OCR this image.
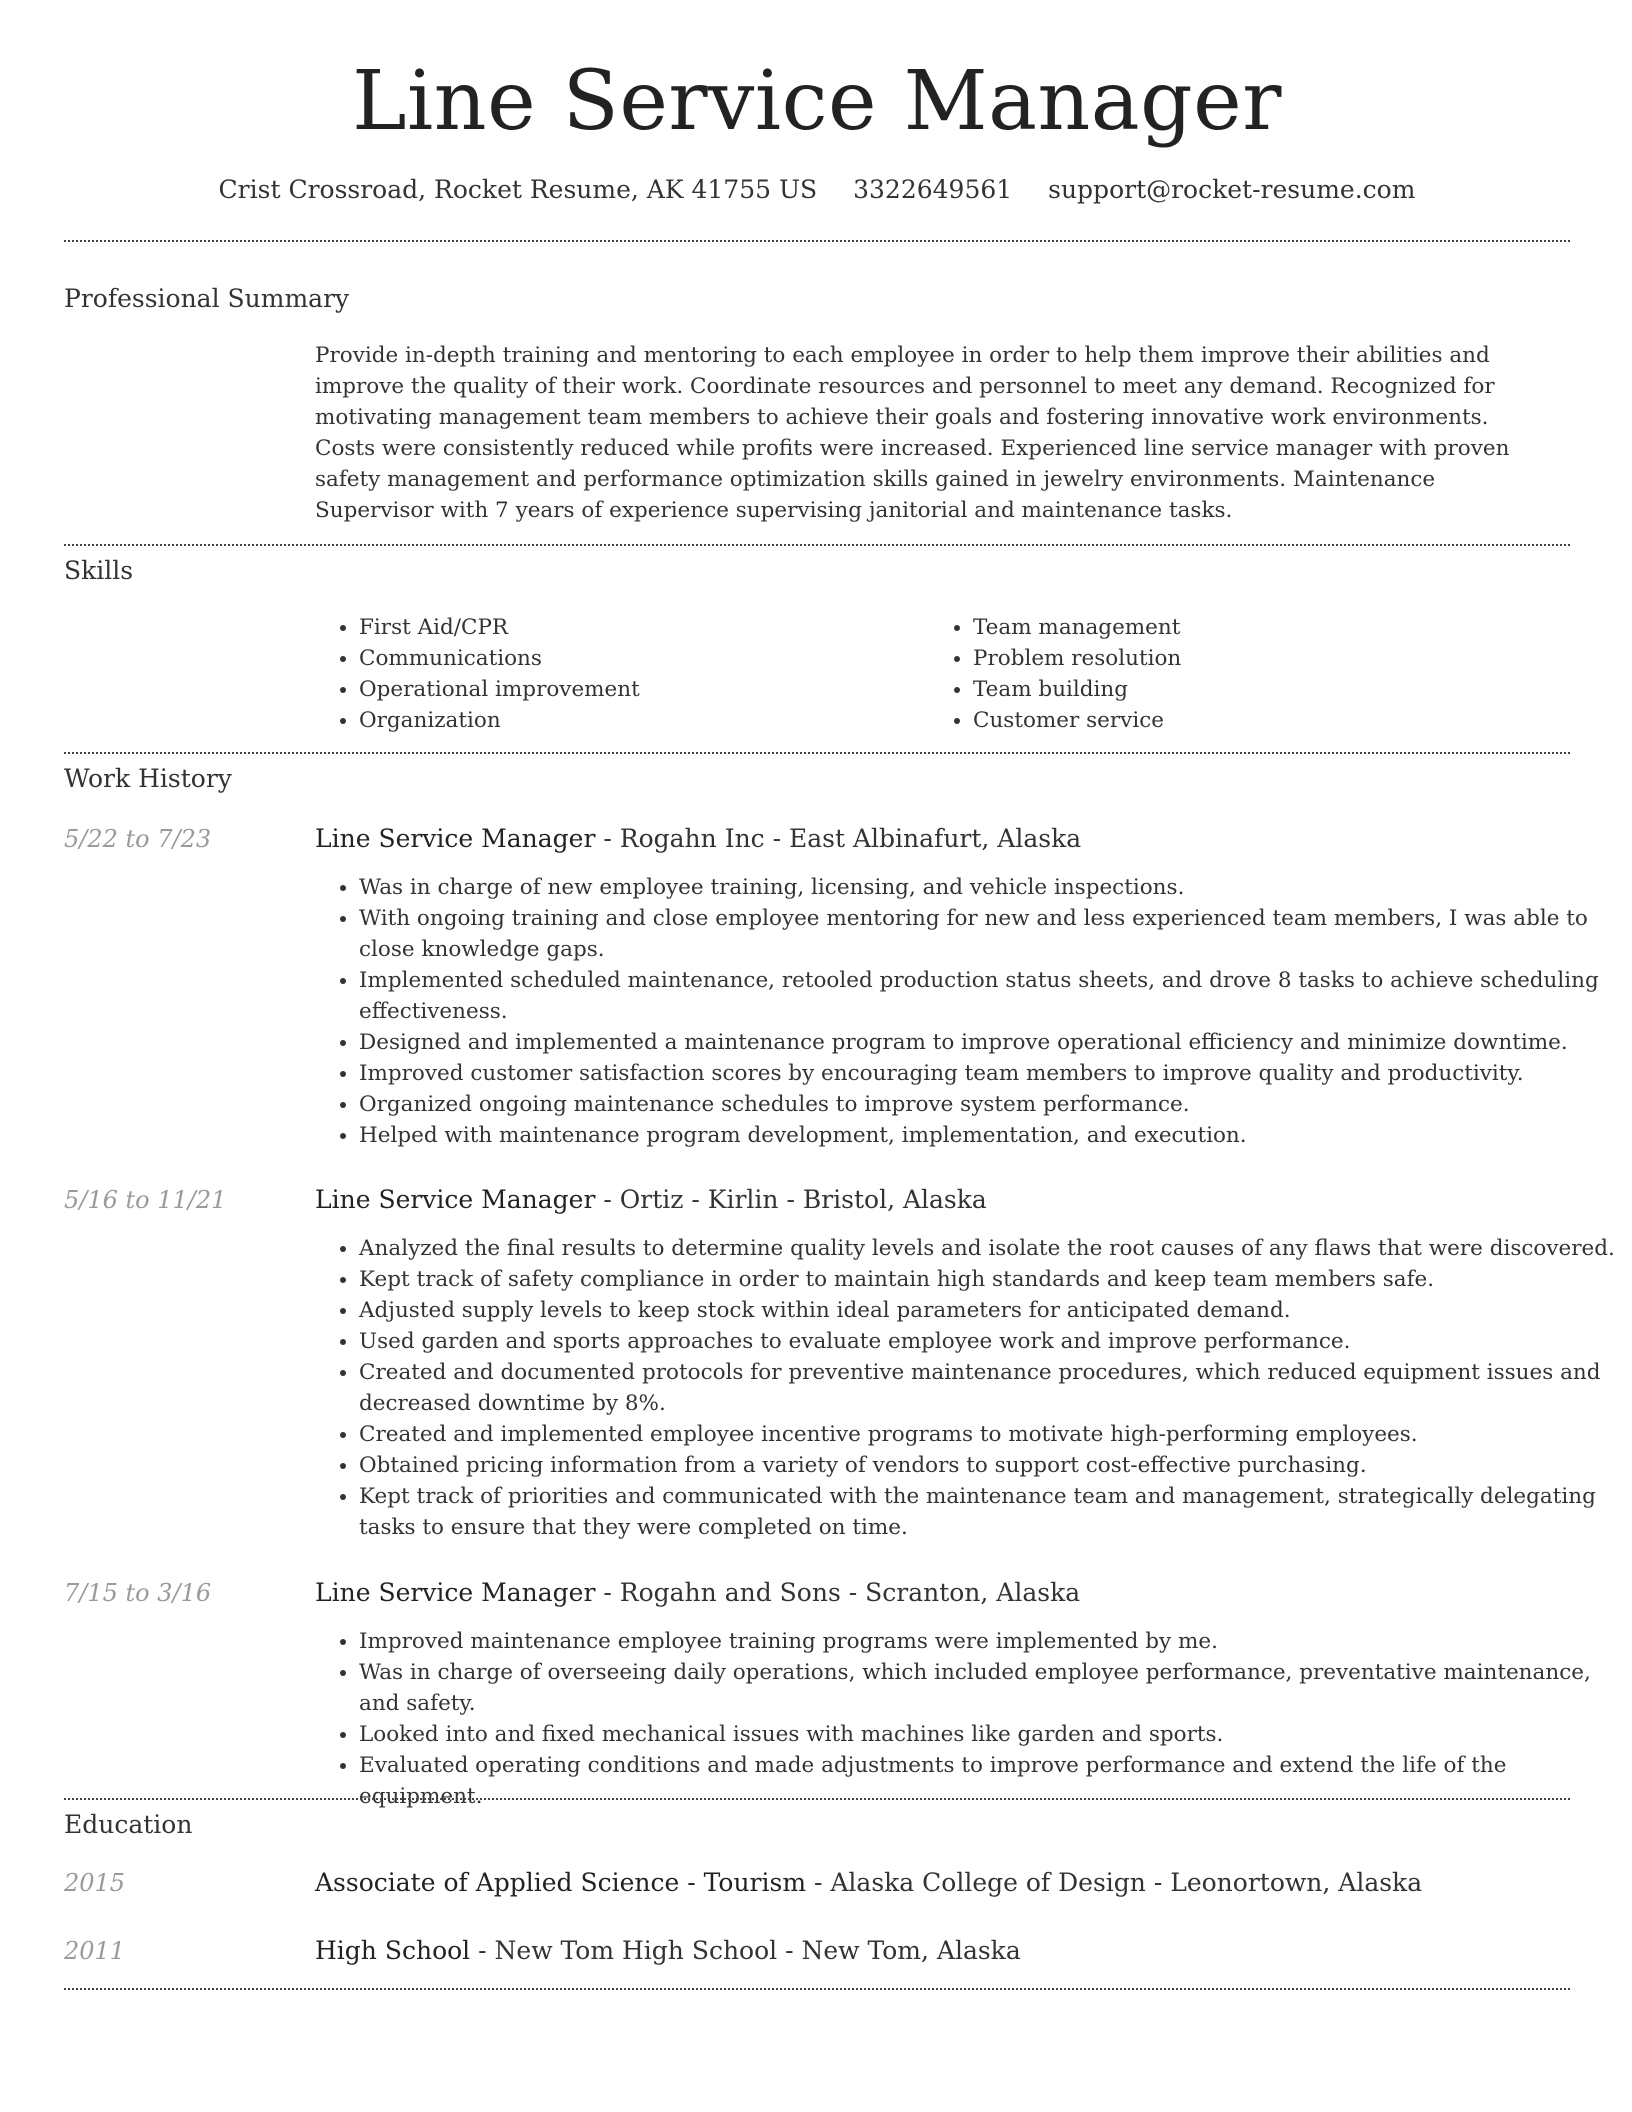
Line Service Manager
Crist Crossroad, Rocket Resume, AK 41755 US 3322649561 support@rocket-resume.com
Professional Summary
Provide in-depth training and mentoring to each employee in order to help them improve their abilities and improve the quality of their work. Coordinate resources and personnel to meet any demand. Recognized for motivating management team members to achieve their goals and fostering innovative work environments. Costs were consistently reduced while profits were increased. Experienced line service manager with proven safety management and performance optimization skills gained in jewelry environments. Maintenance Supervisor with 7 years of experience supervising janitorial and maintenance tasks.
Skills
• First Aid/CPR
• Communications
• Operational improvement
• Organization
• Team management
• Problem resolution
• Team building
• Customer service
Work History
5/22 to 7/23	Line Service Manager - Rogahn Inc - East Albinafurt, Alaska
• Was in charge of new employee training, licensing, and vehicle inspections.
• With ongoing training and close employee mentoring for new and less experienced team members, I was able to close knowledge gaps.
• Implemented scheduled maintenance, retooled production status sheets, and drove 8 tasks to achieve scheduling effectiveness.
• Designed and implemented a maintenance program to improve operational efficiency and minimize downtime.
• Improved customer satisfaction scores by encouraging team members to improve quality and productivity.
• Organized ongoing maintenance schedules to improve system performance.
• Helped with maintenance program development, implementation, and execution.
5/16 to 11/21	Line Service Manager - Ortiz - Kirlin - Bristol, Alaska
• Analyzed the final results to determine quality levels and isolate the root causes of any flaws that were discovered.
• Kept track of safety compliance in order to maintain high standards and keep team members safe.
• Adjusted supply levels to keep stock within ideal parameters for anticipated demand.
• Used garden and sports approaches to evaluate employee work and improve performance.
• Created and documented protocols for preventive maintenance procedures, which reduced equipment issues and decreased downtime by 8%.
• Created and implemented employee incentive programs to motivate high-performing employees.
• Obtained pricing information from a variety of vendors to support cost-effective purchasing.
• Kept track of priorities and communicated with the maintenance team and management, strategically delegating tasks to ensure that they were completed on time.
7/15 to 3/16	Line Service Manager - Rogahn and Sons - Scranton, Alaska
• Improved maintenance employee training programs were implemented by me.
• Was in charge of overseeing daily operations, which included employee performance, preventative maintenance, and safety.
• Looked into and fixed mechanical issues with machines like garden and sports.
• Evaluated operating conditions and made adjustments to improve performance and extend the life of the equipment.
Education
2015	Associate of Applied Science - Tourism - Alaska College of Design - Leonortown, Alaska
2011	High School - New Tom High School - New Tom, Alaska
